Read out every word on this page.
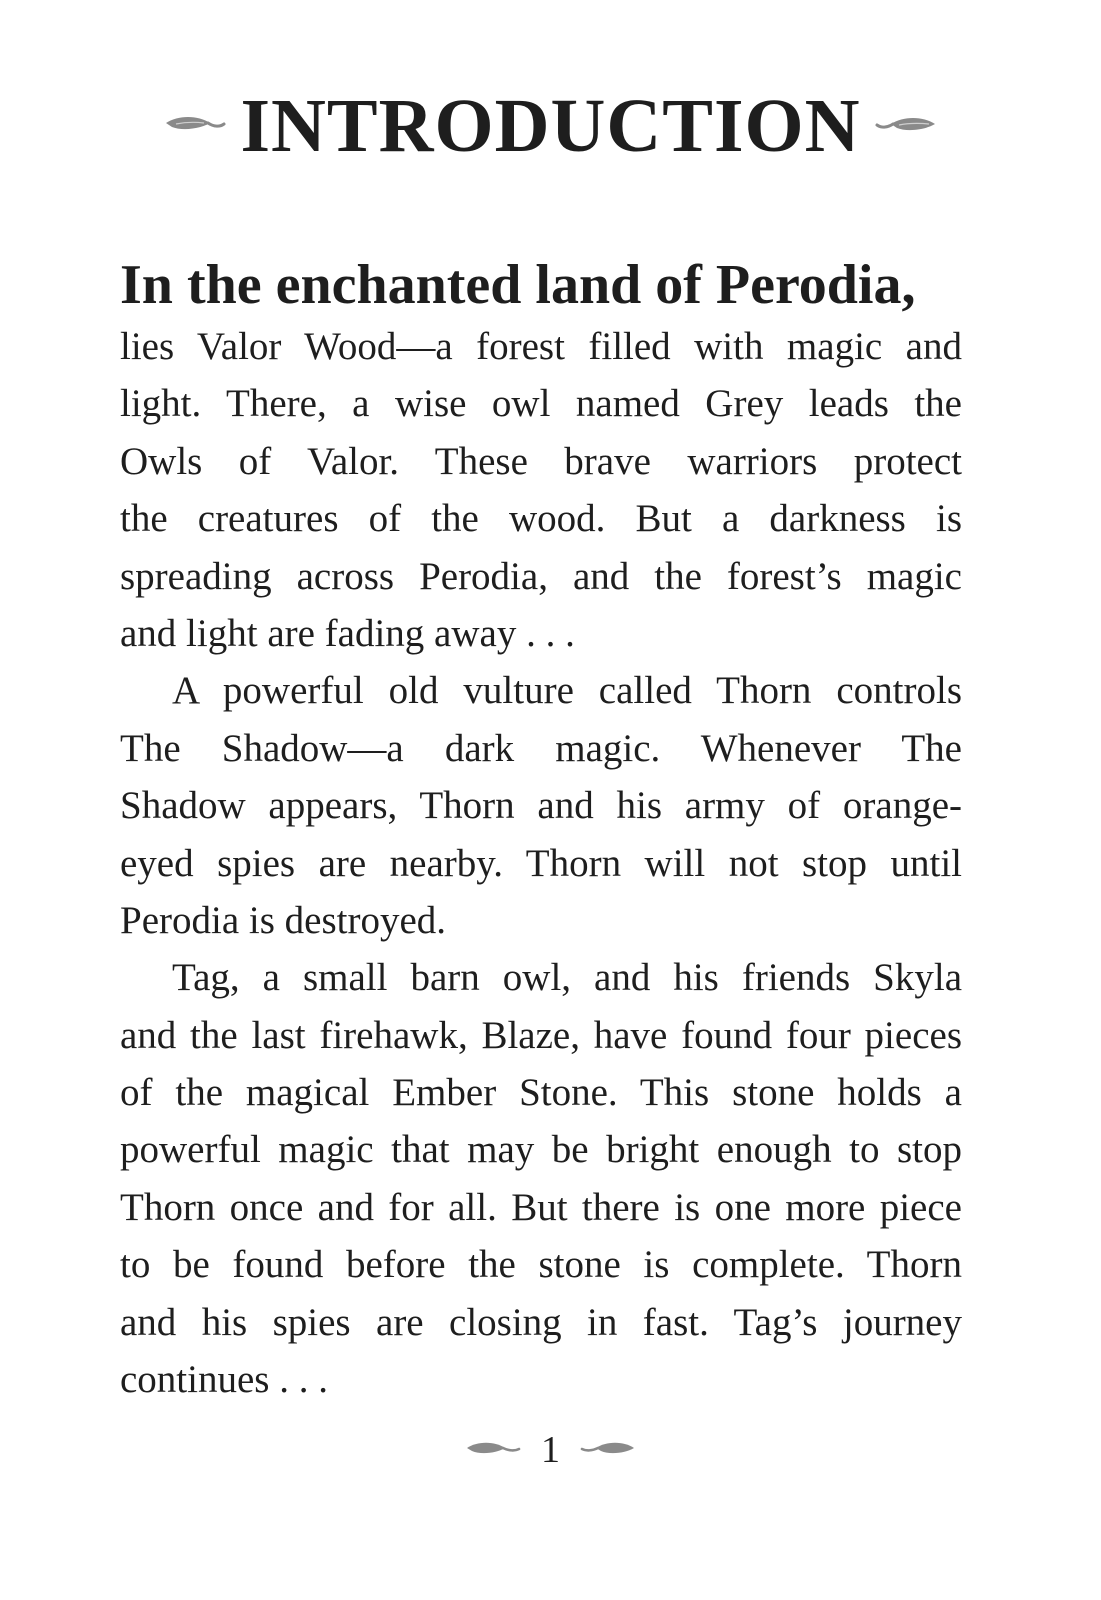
INTRODUCTION
In the enchanted land of Perodia,
lies Valor Wood—a forest filled with magic and
light. There, a wise owl named Grey leads the
Owls of Valor. These brave warriors protect
the creatures of the wood. But a darkness is
spreading across Perodia, and the forest’s magic
and light are fading away . . .
A powerful old vulture called Thorn controls
The Shadow—a dark magic. Whenever The
Shadow appears, Thorn and his army of orange-
eyed spies are nearby. Thorn will not stop until
Perodia is destroyed.
Tag, a small barn owl, and his friends Skyla
and the last firehawk, Blaze, have found four pieces
of the magical Ember Stone. This stone holds a
powerful magic that may be bright enough to stop
Thorn once and for all. But there is one more piece
to be found before the stone is complete. Thorn
and his spies are closing in fast. Tag’s journey
continues . . .
1
